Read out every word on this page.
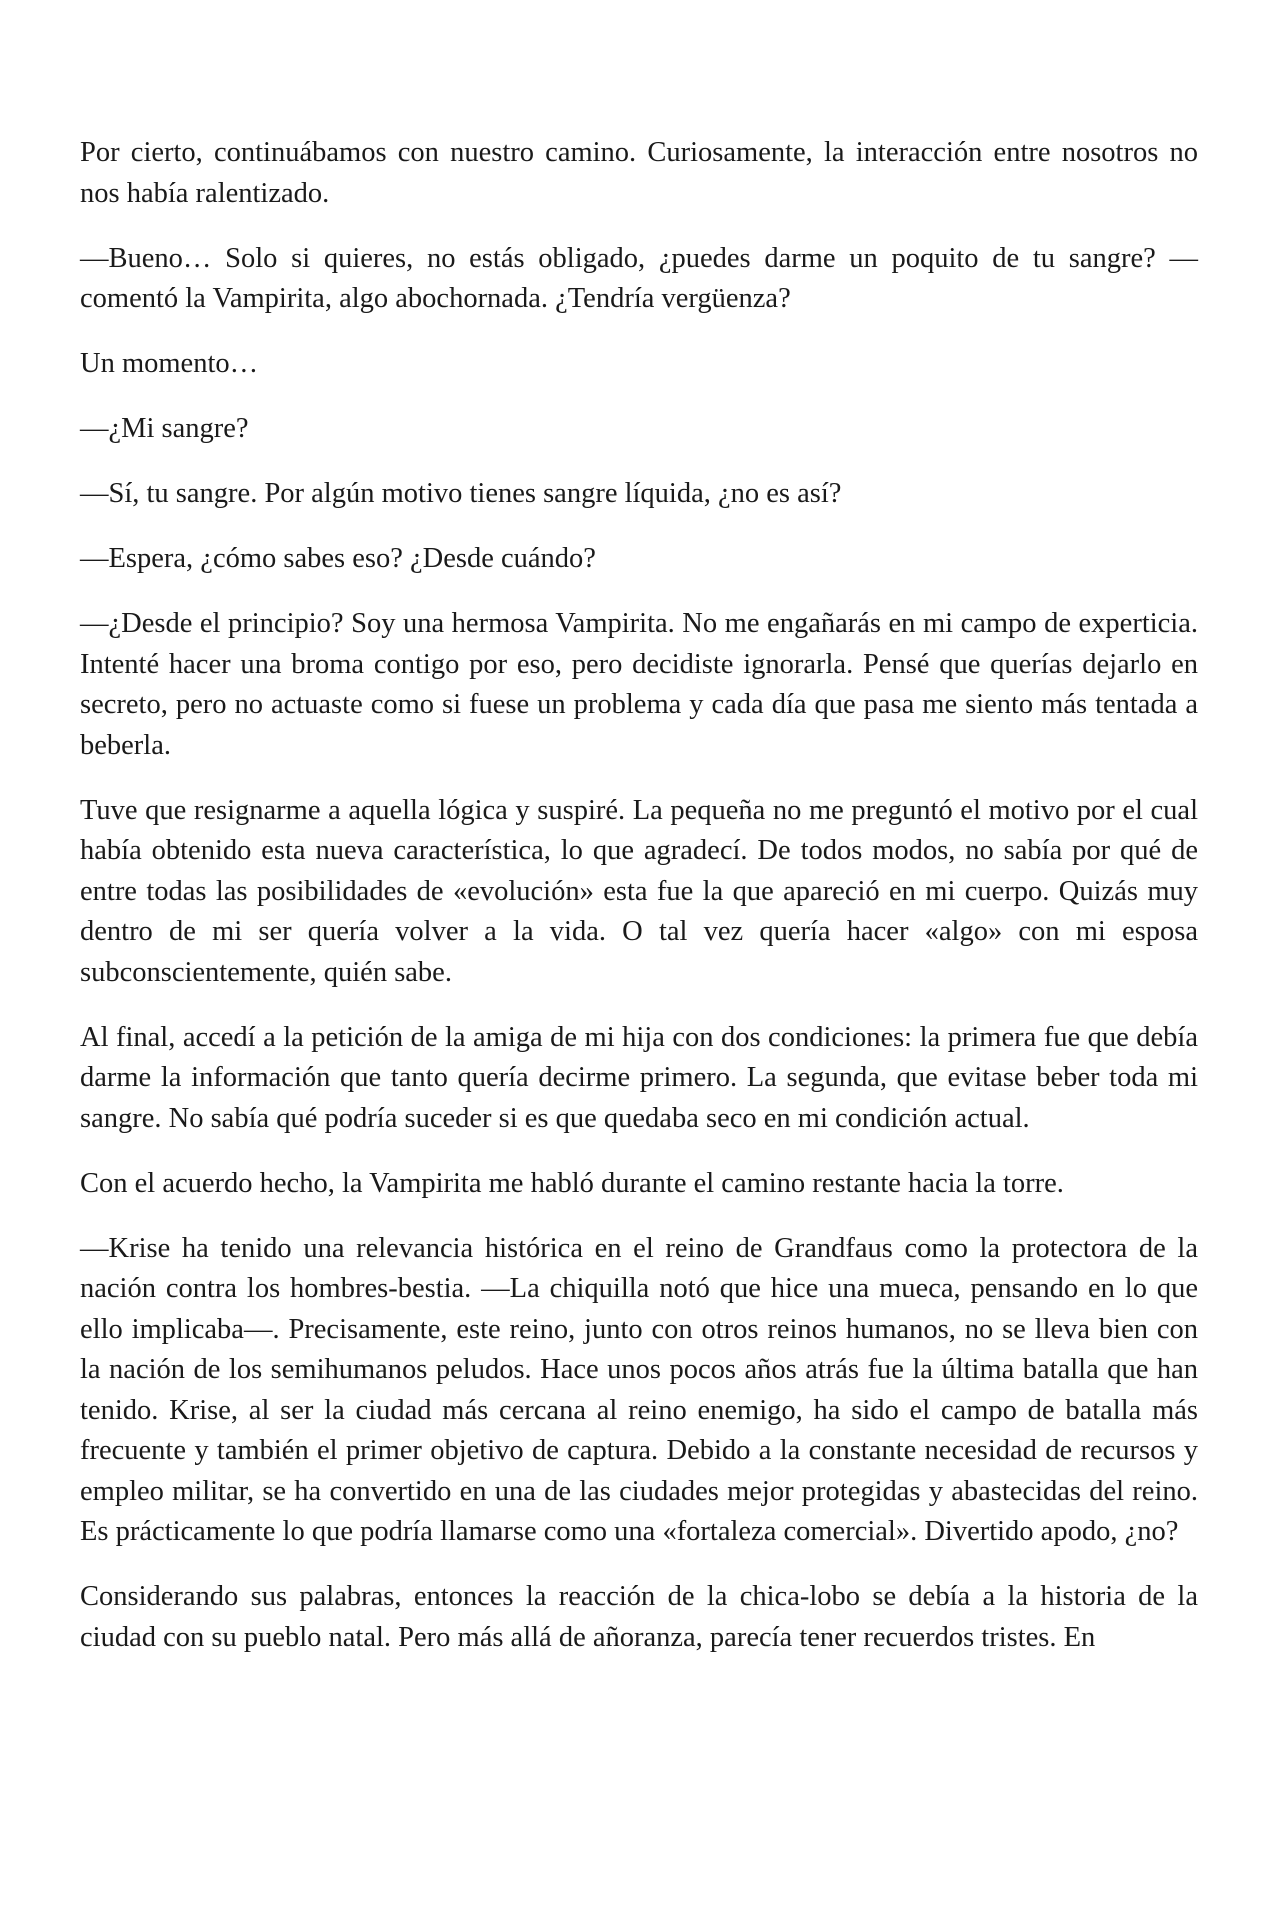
Por cierto, continuábamos con nuestro camino. Curiosamente, la interacción entre nosotros no nos había ralentizado.

—Bueno… Solo si quieres, no estás obligado, ¿puedes darme un poquito de tu sangre? —comentó la Vampirita, algo abochornada. ¿Tendría vergüenza?

Un momento…

—¿Mi sangre?

—Sí, tu sangre. Por algún motivo tienes sangre líquida, ¿no es así?

—Espera, ¿cómo sabes eso? ¿Desde cuándo?

—¿Desde el principio? Soy una hermosa Vampirita. No me engañarás en mi campo de experticia. Intenté hacer una broma contigo por eso, pero decidiste ignorarla. Pensé que querías dejarlo en secreto, pero no actuaste como si fuese un problema y cada día que pasa me siento más tentada a beberla.

Tuve que resignarme a aquella lógica y suspiré. La pequeña no me preguntó el motivo por el cual había obtenido esta nueva característica, lo que agradecí. De todos modos, no sabía por qué de entre todas las posibilidades de «evolución» esta fue la que apareció en mi cuerpo. Quizás muy dentro de mi ser quería volver a la vida. O tal vez quería hacer «algo» con mi esposa subconscientemente, quién sabe.

Al final, accedí a la petición de la amiga de mi hija con dos condiciones: la primera fue que debía darme la información que tanto quería decirme primero. La segunda, que evitase beber toda mi sangre. No sabía qué podría suceder si es que quedaba seco en mi condición actual.

Con el acuerdo hecho, la Vampirita me habló durante el camino restante hacia la torre.

—Krise ha tenido una relevancia histórica en el reino de Grandfaus como la protectora de la nación contra los hombres-bestia. —La chiquilla notó que hice una mueca, pensando en lo que ello implicaba—. Precisamente, este reino, junto con otros reinos humanos, no se lleva bien con la nación de los semihumanos peludos. Hace unos pocos años atrás fue la última batalla que han tenido. Krise, al ser la ciudad más cercana al reino enemigo, ha sido el campo de batalla más frecuente y también el primer objetivo de captura. Debido a la constante necesidad de recursos y empleo militar, se ha convertido en una de las ciudades mejor protegidas y abastecidas del reino. Es prácticamente lo que podría llamarse como una «fortaleza comercial». Divertido apodo, ¿no?

Considerando sus palabras, entonces la reacción de la chica-lobo se debía a la historia de la ciudad con su pueblo natal. Pero más allá de añoranza, parecía tener recuerdos tristes. En
